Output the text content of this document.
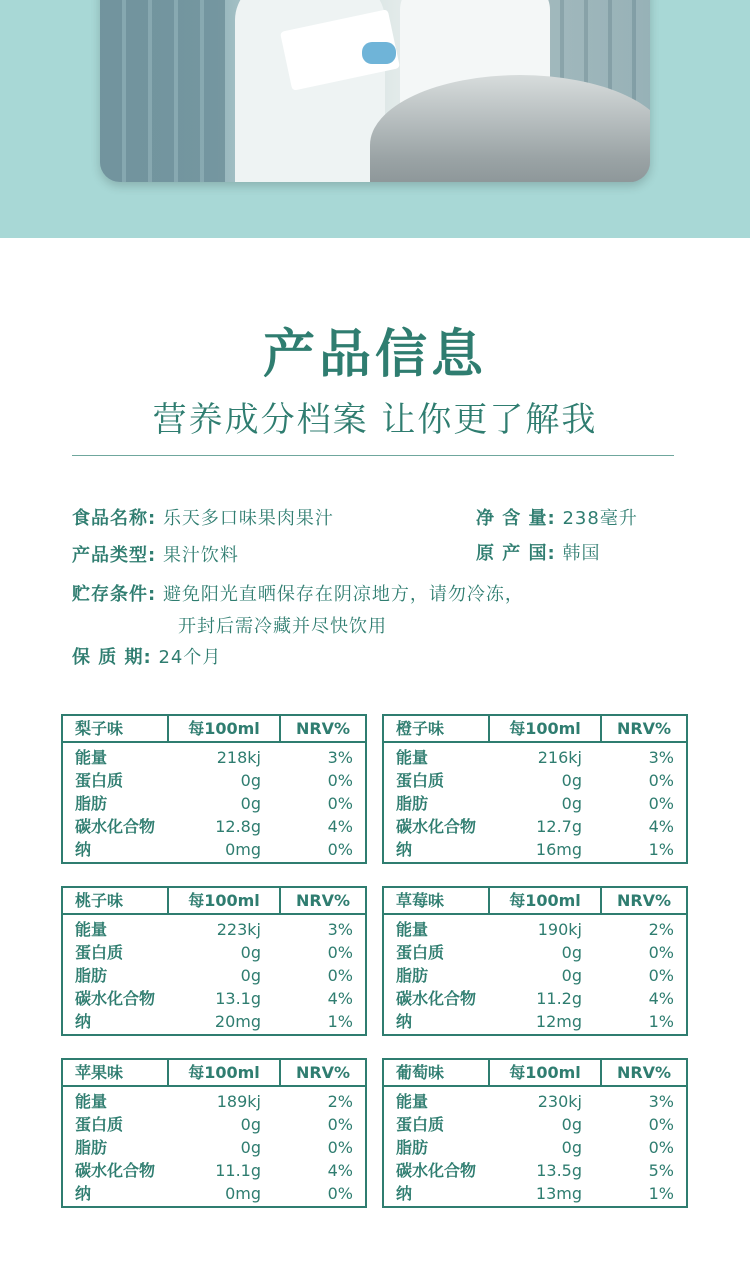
产品信息
营养成分档案 让你更了解我
食品名称: 乐天多口味果肉果汁	净 含 量: 238毫升
产品类型: 果汁饮料	原 产 国: 韩国
贮存条件: 避免阳光直晒保存在阴凉地方，请勿冷冻，
开封后需冷藏并尽快饮用
保 质 期: 24个月
梨子味	每100ml	NRV%
能量	218kj	3%
蛋白质	0g	0%
脂肪	0g	0%
碳水化合物	12.8g	4%
纳	0mg	0%
橙子味	每100ml	NRV%
能量	216kj	3%
蛋白质	0g	0%
脂肪	0g	0%
碳水化合物	12.7g	4%
纳	16mg	1%
桃子味	每100ml	NRV%
能量	223kj	3%
蛋白质	0g	0%
脂肪	0g	0%
碳水化合物	13.1g	4%
纳	20mg	1%
草莓味	每100ml	NRV%
能量	190kj	2%
蛋白质	0g	0%
脂肪	0g	0%
碳水化合物	11.2g	4%
纳	12mg	1%
苹果味	每100ml	NRV%
能量	189kj	2%
蛋白质	0g	0%
脂肪	0g	0%
碳水化合物	11.1g	4%
纳	0mg	0%
葡萄味	每100ml	NRV%
能量	230kj	3%
蛋白质	0g	0%
脂肪	0g	0%
碳水化合物	13.5g	5%
纳	13mg	1%
